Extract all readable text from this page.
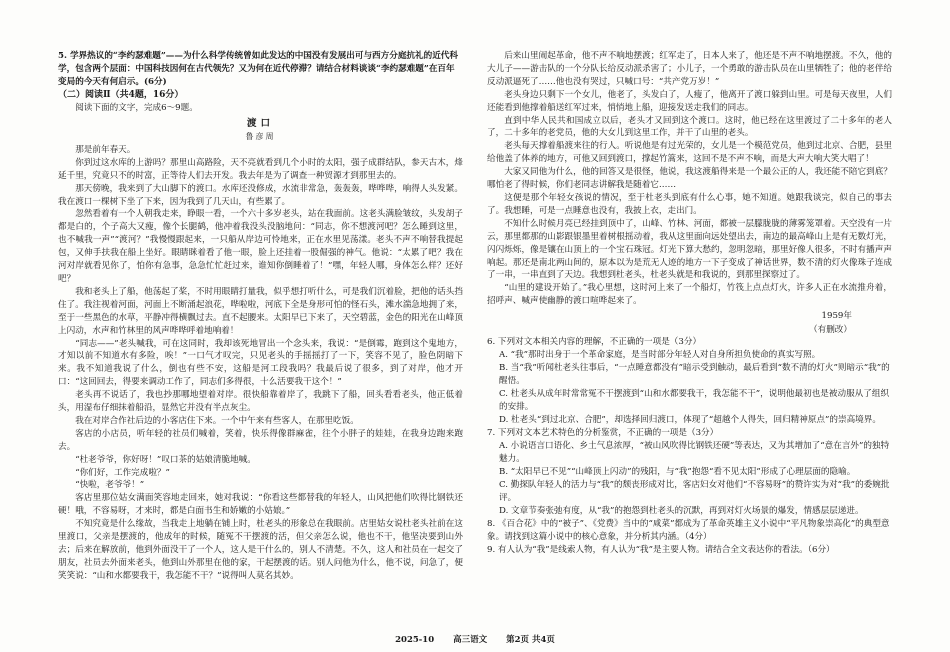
5. 学界热议的“李约瑟难题”——为什么科学传统曾如此发达的中国没有发展出可与西方分庭抗礼的近代科学，包含两个层面：中国科技因何在古代领先？又为何在近代停滞？请结合材料谈谈“李约瑟难题”在百年变局的今天有何启示。(6分)

（二）阅读Ⅱ（共4题，16分）

阅读下面的文字，完成6～9题。

渡口

鲁彦周

那是前年春天。

你到过这水库的上游吗？那里山高路险，天不亮就看到几个小时的太阳，强子成群结队，参天古木，烽延千里，究竟只不的时富，正等待人们去开发。我去年是为了调查一种贸源才到那里去的。

那天傍晚，我来到了大山脚下的渡口。水库还没修成，水流非常急，轰轰轰，哗哗哗，响得人头发紧。我在渡口一棵树下坐了下来，因为我到了几天山，有些累了。

忽然看着有一个人朝我走来，睁眼一看，一个六十多岁老头，站在我面前。这老头满脸皱纹，头发胡子都是白的，个子高大又瘦，像个长腿鹤，他冲着我没头没脑地问：“同志，你不想渡河吧？怎么睡到这里，也不喊我一声”“渡河？”我慢慢跟起来，一只船从岸边可怜地来，正在水里见荡漾。老头不声不响替我提起包，又伸手扶我在船上坐好。眼睛眯着看了他一眼，脸上还挂着一股倔强的神气。他说：“太累了吧？我在河对岸就看见你了，怕你有急事，急急忙忙赶过来，谁知你倒睡着了！”嘿，年轻人哪，身体怎么样？还好吧？

我和老头上了船，他荡起了桨，不时用眼睛打量我，似乎想打听什么，可是我们沉着脸，把他的话头挡住了。我注视着河面，河面上不断涌起浪花，哗啦啦，河底下全是身形可怕的怪石头，滩水湍急地拥了来，至于一些黑色的水草，平静冲得横飘过去。直不起腰来。太阳早已下来了，天空碧蓝，金色的阳光在山峰顶上闪动，水声和竹林里的风声哗哗呼着地响着！

“同志——”老头喊我，可在这同时，我却该死地冒出一个念头来，我说：“是倒霉，跑到这个鬼地方，才知以前不知道水有多险，唉！”一口气才叹完，只见老头的手摇摇打了一下，笑容不见了，脸色阴暗下来。我不知道我说了什么，倒也有些不安，这船是河工段我吗？我最后说了很多，到了对岸，他才开口：“这回回去，得要来调动工作了，同志们多得很，十么活要我干这个！”

老头再不说话了，我也抄那哪地望着对岸。很快船靠着岸了，我跳下了船，回头看看老头，他正低着头，用湿布仔细抹着船沿，显然它并没有半点灰尘。

我在对岸合作社后边的小客店住下来。一个中午来有些客人，在那里吃饭。

客店的小店员，听年轻的社员们喊着，笑着，快乐得像群麻雀，往个小胖子的娃娃，在我身边跑来跑去。

“杜老爷爷，你好呀！”叹口茶的姑娘清脆地喊。

“你们好，工作完成啦？”

“快啦，老爷爷！”

客店里那位姑女满面笑容地走回来，她对我说：“你看这些都替我的年轻人，山风把他们吹得比钢铁还硬！哦，不容易呀，才来时，都是白面书生和娇嫩的小姑娘。”

不知究竟是什么缘故，当我走上地躺在铺上时，杜老头的形象总在我眼前。店里姑女说杜老头社前在这里渡口，父亲是摆渡的，他成年的时候，随冤不干摆渡的活，但父亲怎么说，他也不干，他坚决要到山外去；后来在解放前，他到外面没干了一个人，这人是干什么的，别人不清楚。不久，这人和社员在一起交了朋友，社员去外面来老头，他到山外那里在他的家，干起摆渡的话。别人问他为什么，他不说，问急了，便笑笑说：“山和水都要我干，我怎能不干？”说得叫人莫名其妙。

后来山里闹起革命，他不声不响地摆渡；红军走了，日本人来了，他还是不声不响地摆渡。不久，他的大儿子——游击队的一个分队长给反动派杀害了；小儿子，一个勇敢的游击队员在山里牺牲了；他的老伴给反动派逼死了……他也没有哭过，只喊口号：“共产党万岁！”

老头身边只剩下一个女儿，他老了，头发白了，人瘦了，他离开了渡口躲到山里。可是每天夜里，人们还能看到他撑着船送红军过来，悄悄地上船，迎接发送走我们的同志。

直到中华人民共和国成立以后，老头才又回到这个渡口。这时，他已经在这里渡过了二十多年的老人了，二十多年的老党员，他的大女儿到这里工作，并干了山里的老头。

老头每天撑着船渡来往的行人。听说他是有过光荣的，女儿是一个模范党员，他到过北京、合肥，县里给他盖了体养的地方，可他又回到渡口，撑起竹篙来，这回不是不声不响，而是大声大响大笑大唱了！

大家又同他为什么，他的回答又是很怪，他说，我这渡船得来是一个最公正的人，我还能不陪它到底？哪怕老了得时候，你们老同志讲解我是随着它……

这便是那个年轻女孩说的情况，至于杜老头到底有什么心事，她不知道。她跟我谈完，似自己的事去了。我想睡，可是一点睡意也没有，我披上衣，走出门。

不知什么时候月亮已经挂到顶中了，山峰、竹林、河面，都被一层朦胧胧的薄雾笼罩着。天空没有一片云，那里都那的山影跟银墨里着树根摇动着，我从这里面向远处望出去，南边的最高峰山上是有无数灯光，闪闪烁烁，像是镶在山顶上的一个宝石珠冠。灯光下算大愁约，忽明忽暗，那里好像人很多，不时有播声声响起。那还是南北两山间的，原本以为是荒无人迹的地方一下子变成了神话世界，数不清的灯火像珠子连成了一串，一串直到了天边。我想到杜老头，杜老头就是和我说的，到那里探察过了。

“山里的建设开始了。”我心里想，这时河上来了一个船灯，竹筏上点点灯火，许多人正在水流推舟着，招呼声、喊声使幽静的渡口喧哗起来了。

1959年

（有删改）

6. 下列对文本相关内容的理解，不正确的一项是（3分）

A. “我”那时出身于一个革命家庭，是当时部分年轻人对自身所担负使命的真实写照。

B. 当“我”听闻杜老头往事后，“一点睡意都没有”暗示受到触动，最后看到“数不清的灯火”则暗示“我”的醒悟。

C. 杜老头从成年时常常冤不干摆渡到“山和水都要我干，我怎能不干”，说明他最初也是被动服从了组织的安排。

D. 杜老头“到过北京、合肥”，却选择回归渡口，体现了“超越个人得失，回归精神原点”的崇高境界。

7. 下列对文本艺术特色的分析鉴赏，不正确的一项是（3分）

A. 小说语言口语化、乡土气息浓厚，“被山风吹得比钢铁还硬”等表达，又为其增加了“意在言外”的独特魅力。

B. “太阳早已不见”“山峰顶上闪动”的残阳，与“我”抱怨“看不见太阳”形成了心理层面的隐喻。

C. 勤探队年轻人的活力与“我”的颓丧形成对比，客店妇女对他们“不容易呀”的赞许实为对“我”的委婉批评。

D. 文章节奏张弛有度，从“我”的抱怨到杜老头的沉默，再到对灯火场景的爆发，情感层层递进。

8. 《百合花》中的“被子”、《党费》当中的“咸菜”都成为了革命英雄主义小说中“平凡物象崇高化”的典型意象。请找到这篇小说中的核心意象，并分析其内涵。（4分）

9. 有人认为“我”是线索人物，有人认为“我”是主要人物。请结合全文表达你的看法。（6分）

2025-10 高三语文 第2页 共4页
